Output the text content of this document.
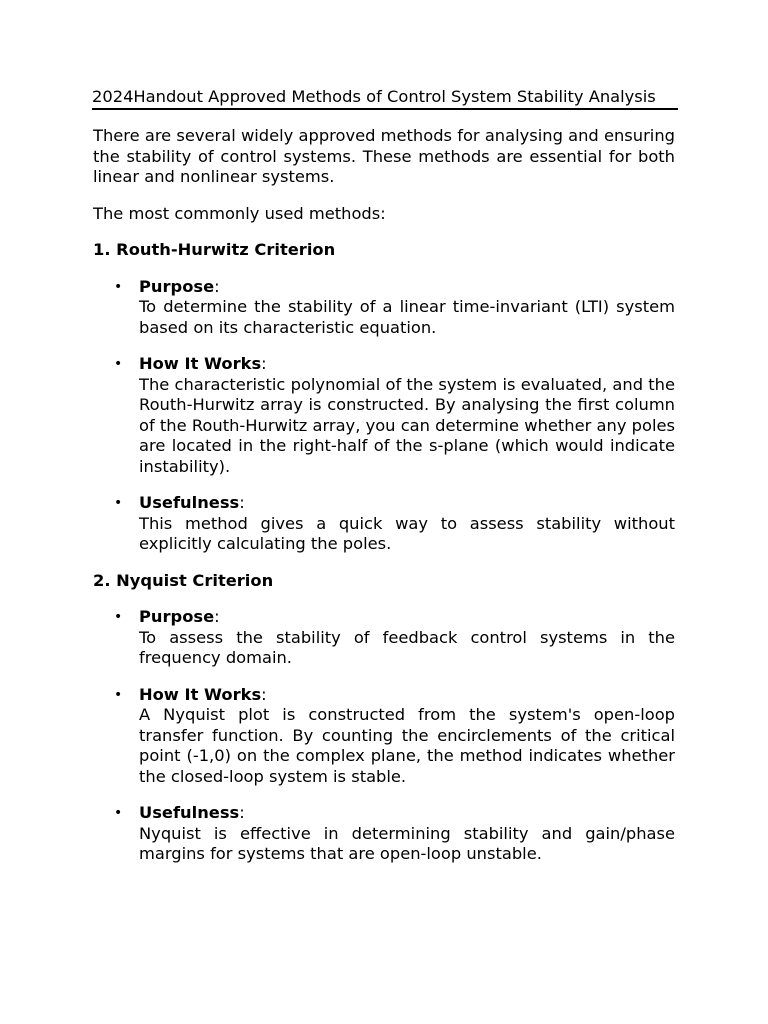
2024Handout Approved Methods of Control System Stability Analysis

There are several widely approved methods for analysing and ensuring the stability of control systems. These methods are essential for both linear and nonlinear systems.

The most commonly used methods:

1. Routh-Hurwitz Criterion
• Purpose:

To determine the stability of a linear time-invariant (LTI) system based on its characteristic equation.

• How It Works:

The characteristic polynomial of the system is evaluated, and the Routh-Hurwitz array is constructed. By analysing the first column of the Routh-Hurwitz array, you can determine whether any poles are located in the right-half of the s-plane (which would indicate instability).

• Usefulness:

This method gives a quick way to assess stability without explicitly calculating the poles.

2. Nyquist Criterion
• Purpose:

To assess the stability of feedback control systems in the frequency domain.

• How It Works:

A Nyquist plot is constructed from the system's open-loop transfer function. By counting the encirclements of the critical point (-1,0) on the complex plane, the method indicates whether the closed-loop system is stable.

• Usefulness:

Nyquist is effective in determining stability and gain/phase margins for systems that are open-loop unstable.
